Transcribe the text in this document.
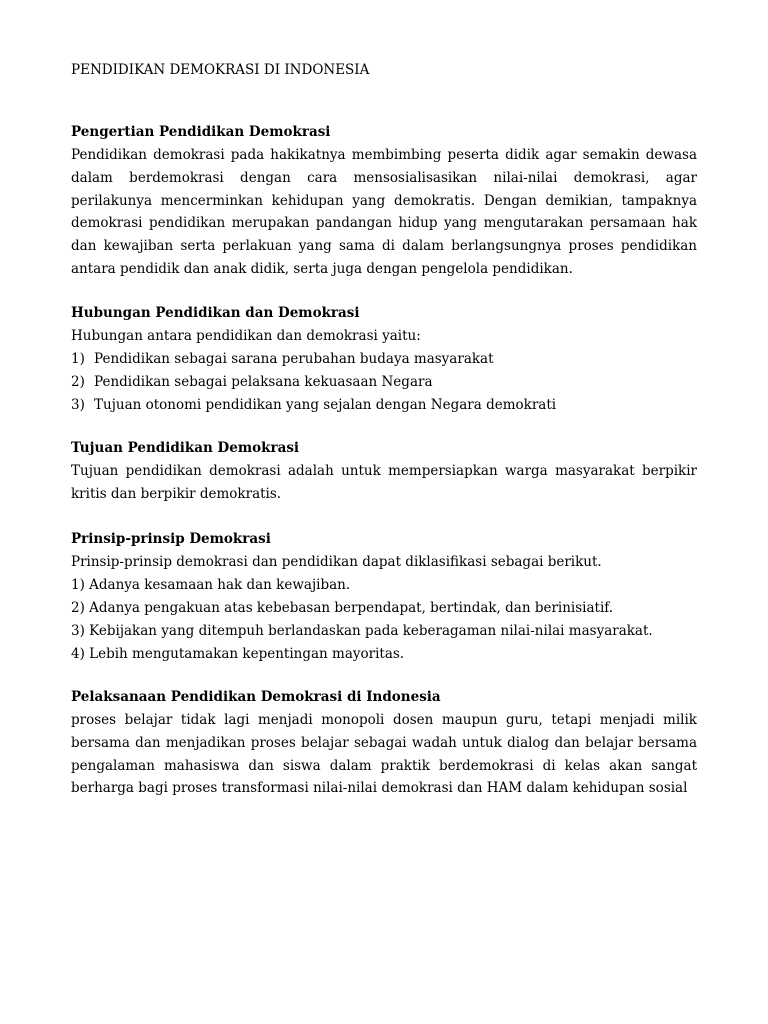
PENDIDIKAN DEMOKRASI DI INDONESIA
Pengertian Pendidikan Demokrasi
Pendidikan demokrasi pada hakikatnya membimbing peserta didik agar semakin dewasa dalam berdemokrasi dengan cara mensosialisasikan nilai-nilai demokrasi, agar perilakunya mencerminkan kehidupan yang demokratis. Dengan demikian, tampaknya demokrasi pendidikan merupakan pandangan hidup yang mengutarakan persamaan hak dan kewajiban serta perlakuan yang sama di dalam berlangsungnya proses pendidikan antara pendidik dan anak didik, serta juga dengan pengelola pendidikan.
Hubungan Pendidikan dan Demokrasi
Hubungan antara pendidikan dan demokrasi yaitu:
1) Pendidikan sebagai sarana perubahan budaya masyarakat
2) Pendidikan sebagai pelaksana kekuasaan Negara
3) Tujuan otonomi pendidikan yang sejalan dengan Negara demokrati
Tujuan Pendidikan Demokrasi
Tujuan pendidikan demokrasi adalah untuk mempersiapkan warga masyarakat berpikir kritis dan berpikir demokratis.
Prinsip-prinsip Demokrasi
Prinsip-prinsip demokrasi dan pendidikan dapat diklasifikasi sebagai berikut.
1) Adanya kesamaan hak dan kewajiban.
2) Adanya pengakuan atas kebebasan berpendapat, bertindak, dan berinisiatif.
3) Kebijakan yang ditempuh berlandaskan pada keberagaman nilai-nilai masyarakat.
4) Lebih mengutamakan kepentingan mayoritas.
Pelaksanaan Pendidikan Demokrasi di Indonesia
proses belajar tidak lagi menjadi monopoli dosen maupun guru, tetapi menjadi milik bersama dan menjadikan proses belajar sebagai wadah untuk dialog dan belajar bersama pengalaman mahasiswa dan siswa dalam praktik berdemokrasi di kelas akan sangat berharga bagi proses transformasi nilai-nilai demokrasi dan HAM dalam kehidupan sosial
